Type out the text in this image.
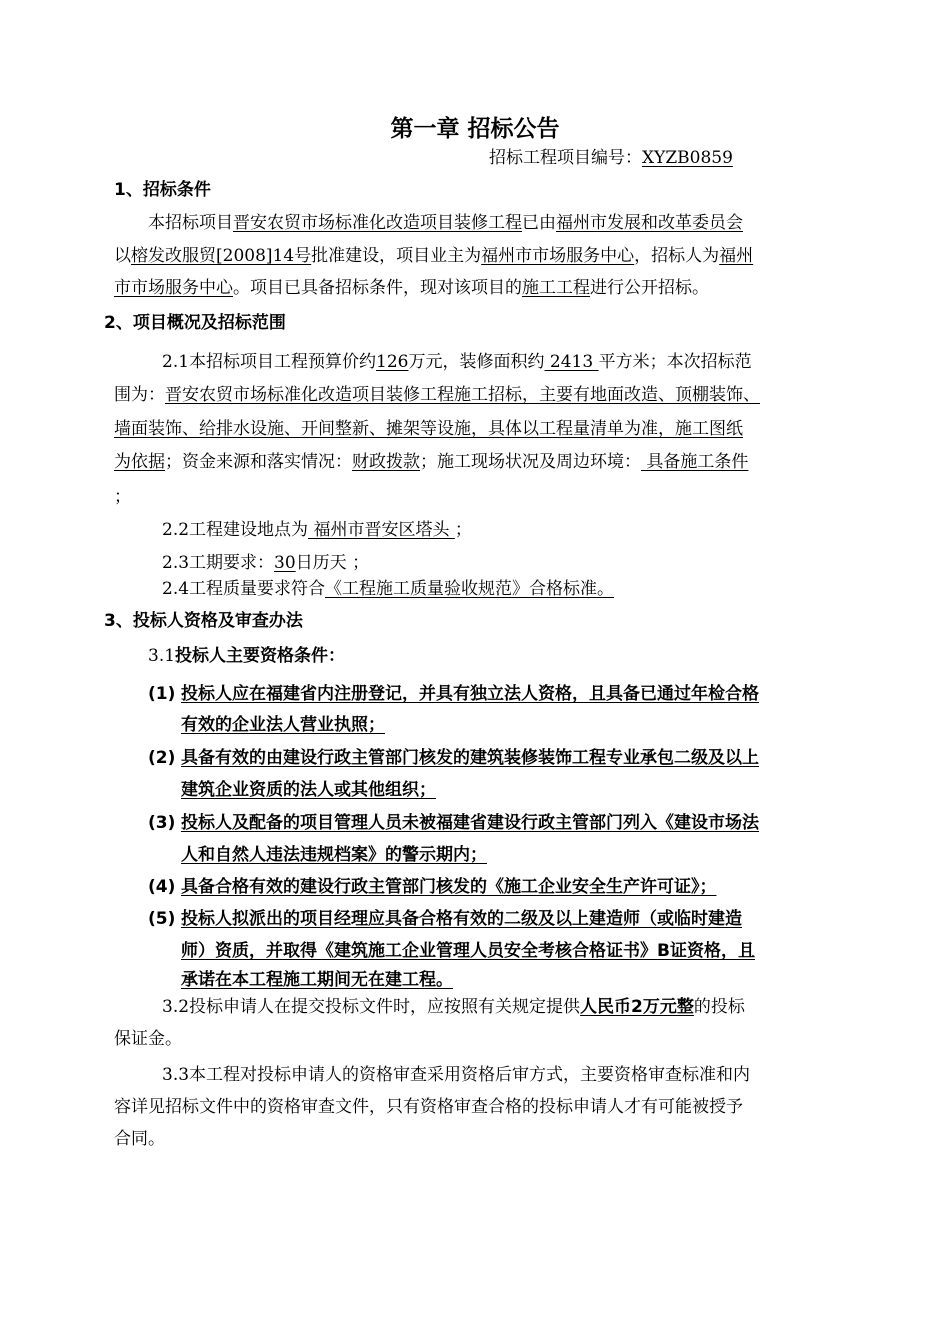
第一章 招标公告
招标工程项目编号：XYZB0859
1、招标条件
本招标项目晋安农贸市场标准化改造项目装修工程已由福州市发展和改革委员会
以榕发改服贸[2008]14号批准建设，项目业主为福州市市场服务中心，招标人为福州
市市场服务中心。项目已具备招标条件，现对该项目的施工工程进行公开招标。
2、项目概况及招标范围
2.1本招标项目工程预算价约126万元，装修面积约 2413 平方米；本次招标范
围为：晋安农贸市场标准化改造项目装修工程施工招标，主要有地面改造、顶棚装饰、
墙面装饰、给排水设施、开间整新、摊架等设施，具体以工程量清单为准，施工图纸
为依据；资金来源和落实情况：财政拨款；施工现场状况及周边环境： 具备施工条件
；
2.2工程建设地点为 福州市晋安区塔头 ；
2.3工期要求：30日历天 ；
2.4工程质量要求符合《工程施工质量验收规范》合格标准。
3、投标人资格及审查办法
3.1投标人主要资格条件：
(1) 投标人应在福建省内注册登记，并具有独立法人资格，且具备已通过年检合格
有效的企业法人营业执照；
(2) 具备有效的由建设行政主管部门核发的建筑装修装饰工程专业承包二级及以上
建筑企业资质的法人或其他组织；
(3) 投标人及配备的项目管理人员未被福建省建设行政主管部门列入《建设市场法
人和自然人违法违规档案》的警示期内；
(4) 具备合格有效的建设行政主管部门核发的《施工企业安全生产许可证》；
(5) 投标人拟派出的项目经理应具备合格有效的二级及以上建造师（或临时建造
师）资质，并取得《建筑施工企业管理人员安全考核合格证书》B证资格，且
承诺在本工程施工期间无在建工程。
3.2投标申请人在提交投标文件时，应按照有关规定提供人民币2万元整的投标
保证金。
3.3本工程对投标申请人的资格审查采用资格后审方式，主要资格审查标准和内
容详见招标文件中的资格审查文件，只有资格审查合格的投标申请人才有可能被授予
合同。
